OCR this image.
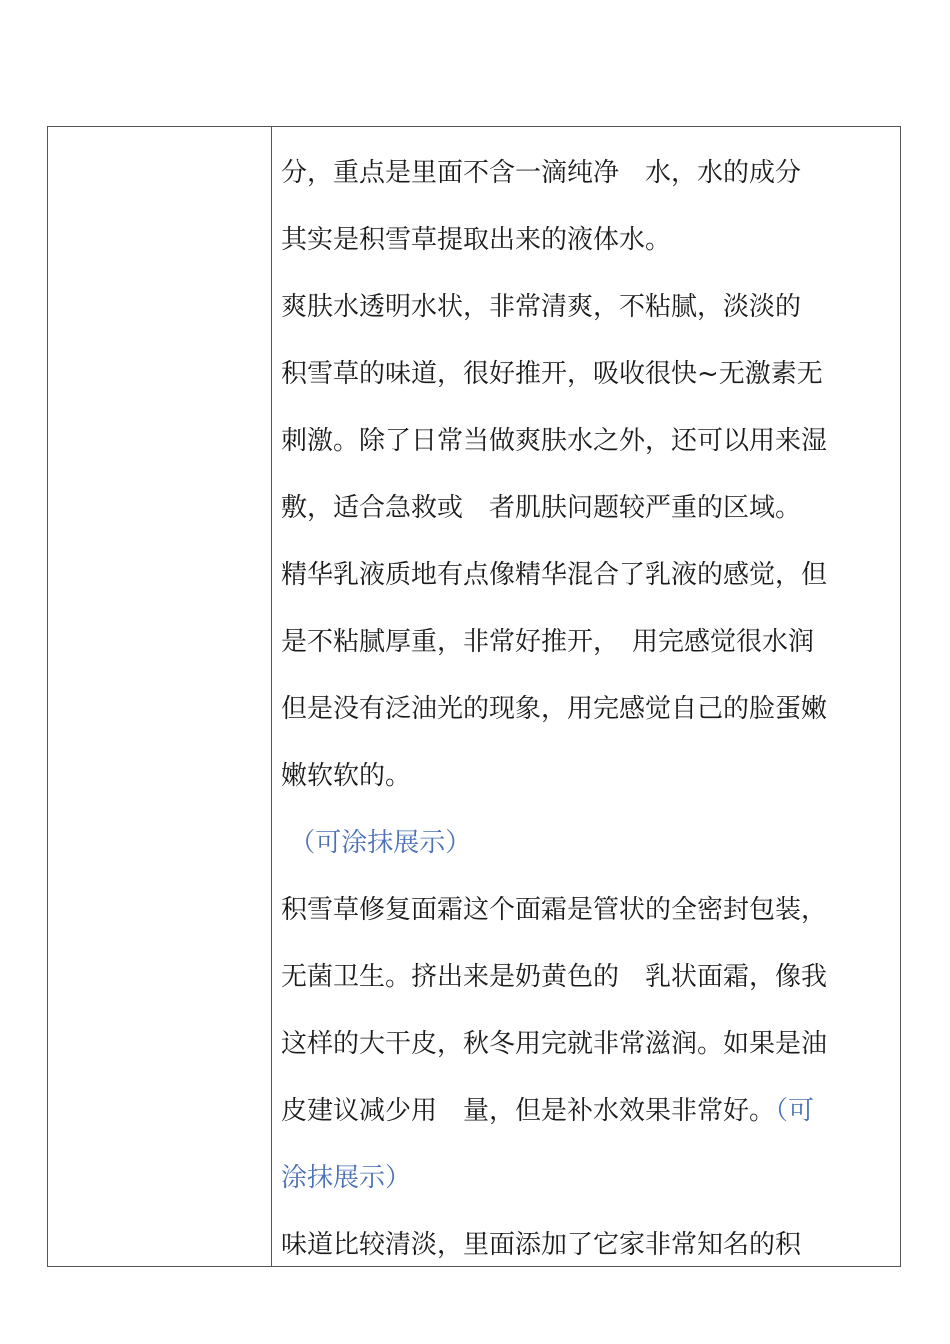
分，重点是里面不含一滴纯净　水，水的成分
其实是积雪草提取出来的液体水。
爽肤水透明水状，非常清爽，不粘腻，淡淡的
积雪草的味道，很好推开，吸收很快~无激素无
刺激。除了日常当做爽肤水之外，还可以用来湿
敷，适合急救或　者肌肤问题较严重的区域。
精华乳液质地有点像精华混合了乳液的感觉，但
是不粘腻厚重，非常好推开，　用完感觉很水润
但是没有泛油光的现象，用完感觉自己的脸蛋嫩
嫩软软的。
（可涂抹展示）
积雪草修复面霜这个面霜是管状的全密封包装，
无菌卫生。挤出来是奶黄色的　乳状面霜，像我
这样的大干皮，秋冬用完就非常滋润。如果是油
皮建议减少用　量，但是补水效果非常好。（可
涂抹展示）
味道比较清淡，里面添加了它家非常知名的积
